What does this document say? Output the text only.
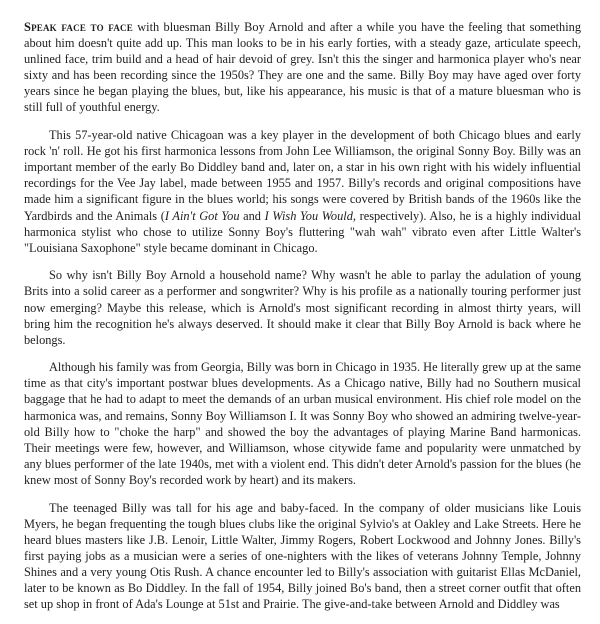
Speak face to face with bluesman Billy Boy Arnold and after a while you have the feeling that something about him doesn't quite add up. This man looks to be in his early forties, with a steady gaze, articulate speech, unlined face, trim build and a head of hair devoid of grey. Isn't this the singer and harmonica player who's near sixty and has been recording since the 1950s? They are one and the same. Billy Boy may have aged over forty years since he began playing the blues, but, like his appearance, his music is that of a mature bluesman who is still full of youthful energy.

This 57-year-old native Chicagoan was a key player in the development of both Chicago blues and early rock 'n' roll. He got his first harmonica lessons from John Lee Williamson, the original Sonny Boy. Billy was an important member of the early Bo Diddley band and, later on, a star in his own right with his widely influential recordings for the Vee Jay label, made between 1955 and 1957. Billy's records and original compositions have made him a significant figure in the blues world; his songs were covered by British bands of the 1960s like the Yardbirds and the Animals (I Ain't Got You and I Wish You Would, respectively). Also, he is a highly individual harmonica stylist who chose to utilize Sonny Boy's fluttering "wah wah" vibrato even after Little Walter's "Louisiana Saxophone" style became dominant in Chicago.

So why isn't Billy Boy Arnold a household name? Why wasn't he able to parlay the adulation of young Brits into a solid career as a performer and songwriter? Why is his profile as a nationally touring performer just now emerging? Maybe this release, which is Arnold's most significant recording in almost thirty years, will bring him the recognition he's always deserved. It should make it clear that Billy Boy Arnold is back where he belongs.

Although his family was from Georgia, Billy was born in Chicago in 1935. He literally grew up at the same time as that city's important postwar blues developments. As a Chicago native, Billy had no Southern musical baggage that he had to adapt to meet the demands of an urban musical environment. His chief role model on the harmonica was, and remains, Sonny Boy Williamson I. It was Sonny Boy who showed an admiring twelve-year-old Billy how to "choke the harp" and showed the boy the advantages of playing Marine Band harmonicas. Their meetings were few, however, and Williamson, whose citywide fame and popularity were unmatched by any blues performer of the late 1940s, met with a violent end. This didn't deter Arnold's passion for the blues (he knew most of Sonny Boy's recorded work by heart) and its makers.

The teenaged Billy was tall for his age and baby-faced. In the company of older musicians like Louis Myers, he began frequenting the tough blues clubs like the original Sylvio's at Oakley and Lake Streets. Here he heard blues masters like J.B. Lenoir, Little Walter, Jimmy Rogers, Robert Lockwood and Johnny Jones. Billy's first paying jobs as a musician were a series of one-nighters with the likes of veterans Johnny Temple, Johnny Shines and a very young Otis Rush. A chance encounter led to Billy's association with guitarist Ellas McDaniel, later to be known as Bo Diddley. In the fall of 1954, Billy joined Bo's band, then a street corner outfit that often set up shop in front of Ada's Lounge at 51st and Prairie. The give-and-take between Arnold and Diddley was
